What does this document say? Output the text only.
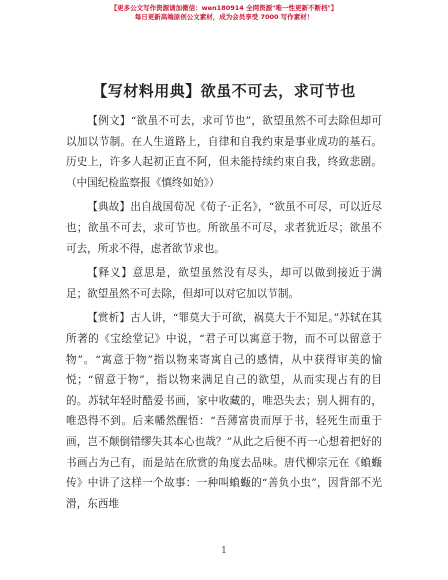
【更多公文写作资源请加微信：wen180914 全网资源"唯一性更新不断档"】
每日更新高端原创公文素材，成为会员享受 7000 写作素材！
【写材料用典】欲虽不可去，求可节也

【例文】“欲虽不可去，求可节也”，欲望虽然不可去除但却可以加以节制。在人生道路上，自律和自我约束是事业成功的基石。历史上，许多人起初正直不阿，但未能持续约束自我，终致悲剧。（中国纪检监察报《慎终如始》）

【典故】出自战国荀况《荀子·正名》，“欲虽不可尽，可以近尽也；欲虽不可去，求可节也。所欲虽不可尽，求者犹近尽；欲虽不可去，所求不得，虑者欲节求也。

【释义】意思是，欲望虽然没有尽头，却可以做到接近于满足；欲望虽然不可去除，但却可以对它加以节制。

【赏析】古人讲，“罪莫大于可欲，祸莫大于不知足。”苏轼在其所著的《宝绘堂记》中说，“君子可以寓意于物，而不可以留意于物”。“寓意于物”指以物来寄寓自己的感情，从中获得审美的愉悦；“留意于物”，指以物来满足自己的欲望，从而实现占有的目的。苏轼年轻时酷爱书画，家中收藏的，唯恐失去；别人拥有的，唯恐得不到。后来幡然醒悟：“吾薄富贵而厚于书，轻死生而重于画，岂不颠倒错缪失其本心也哉？”从此之后便不再一心想着把好的书画占为己有，而是站在欣赏的角度去品味。唐代柳宗元在《蝜蝂传》中讲了这样一个故事：一种叫蝜蝂的“善负小虫”，因背部不光滑，东西堆

1
